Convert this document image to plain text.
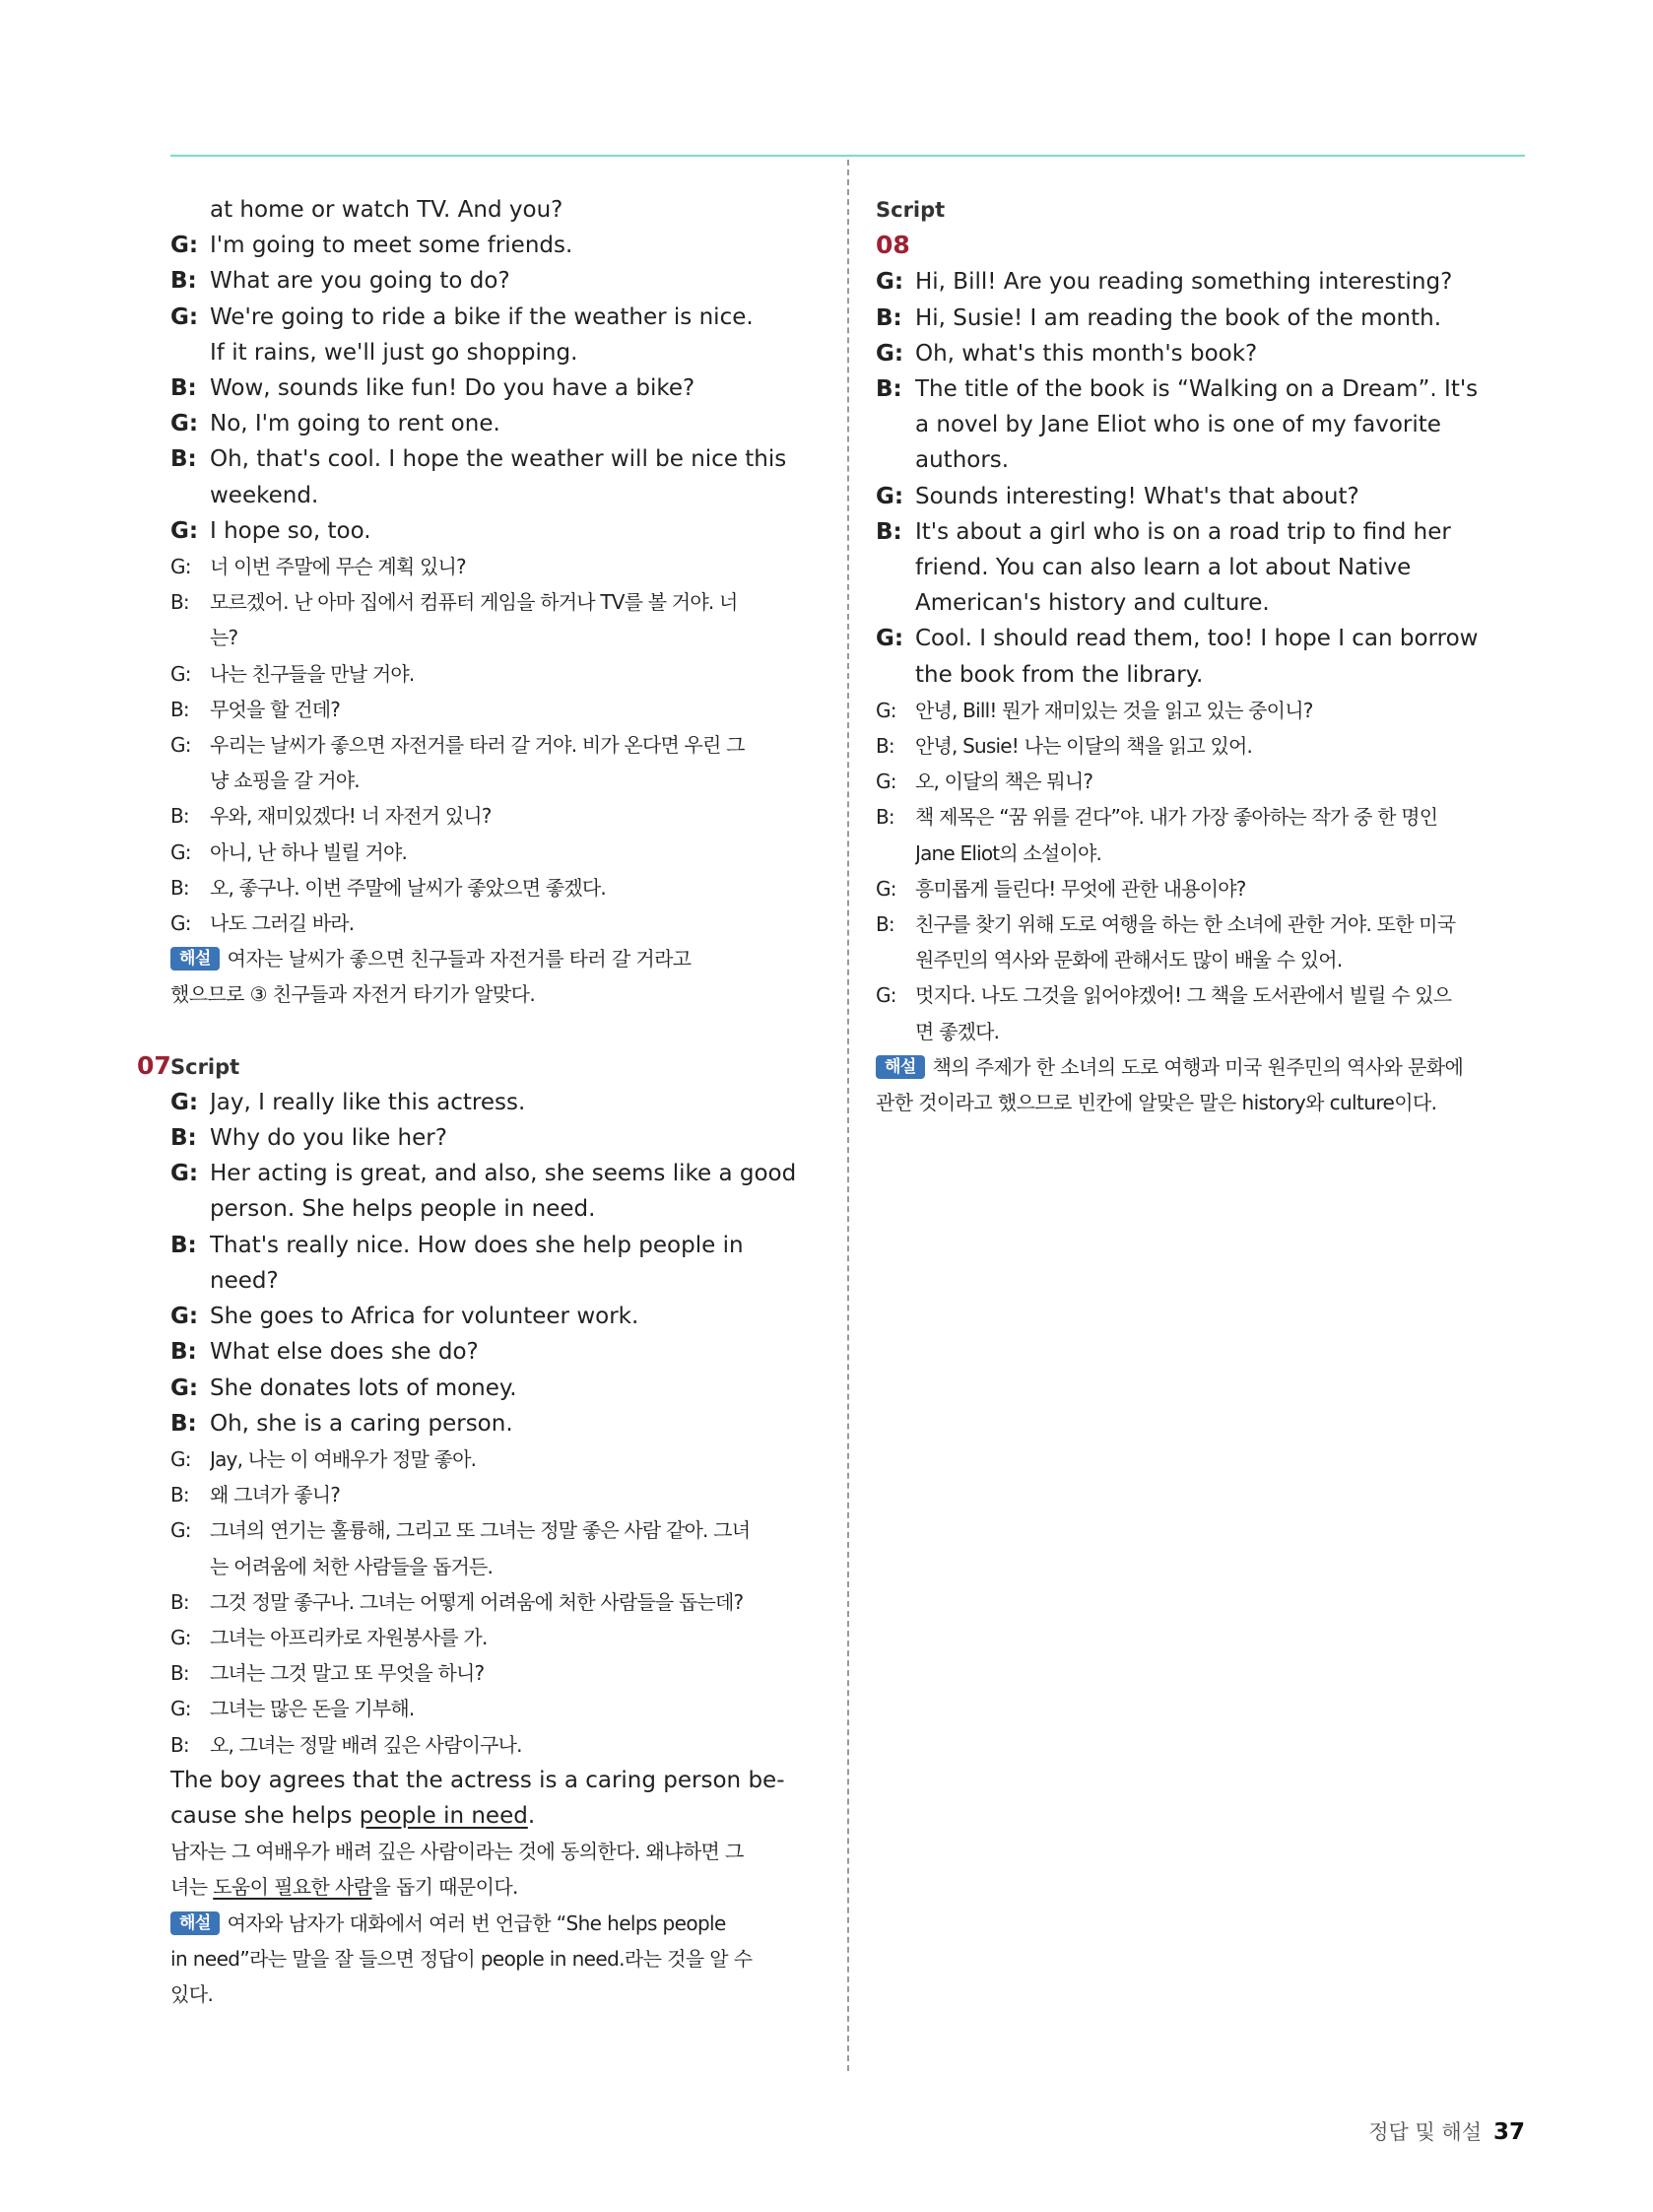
at home or watch TV. And you?
G: I'm going to meet some friends.
B: What are you going to do?
G: We're going to ride a bike if the weather is nice.
If it rains, we'll just go shopping.
B: Wow, sounds like fun! Do you have a bike?
G: No, I'm going to rent one.
B: Oh, that's cool. I hope the weather will be nice this
weekend.
G: I hope so, too.
G: 너 이번 주말에 무슨 계획 있니?
B:	모르겠어. 난 아마 집에서 컴퓨터 게임을 하거나 TV를 볼 거야. 너
는?
G: 나는 친구들을 만날 거야.
B:	무엇을 할 건데?
G: 우리는 날씨가 좋으면 자전거를 타러 갈 거야. 비가 온다면 우린 그
냥 쇼핑을 갈 거야.
B:	우와, 재미있겠다! 너 자전거 있니?
G: 아니, 난 하나 빌릴 거야.
B:	오, 좋구나. 이번 주말에 날씨가 좋았으면 좋겠다.
G: 나도 그러길 바라.
해설 여자는 날씨가 좋으면 친구들과 자전거를 타러 갈 거라고
했으므로 ③ 친구들과 자전거 타기가 알맞다.
07 Script
G: Jay, I really like this actress.
B: Why do you like her?
G: Her acting is great, and also, she seems like a good
person. She helps people in need.
B: That's really nice. How does she help people in
need?
G: She goes to Africa for volunteer work.
B: What else does she do?
G: She donates lots of money.
B: Oh, she is a caring person.
G: Jay, 나는 이 여배우가 정말 좋아.
B:	왜 그녀가 좋니?
G: 그녀의 연기는 훌륭해, 그리고 또 그녀는 정말 좋은 사람 같아. 그녀
는 어려움에 처한 사람들을 돕거든.
B:	그것 정말 좋구나. 그녀는 어떻게 어려움에 처한 사람들을 돕는데?
G: 그녀는 아프리카로 자원봉사를 가.
B:	그녀는 그것 말고 또 무엇을 하니?
G: 그녀는 많은 돈을 기부해.
B:	오, 그녀는 정말 배려 깊은 사람이구나.
The boy agrees that the actress is a caring person be-
cause she helps people in need.
남자는 그 여배우가 배려 깊은 사람이라는 것에 동의한다. 왜냐하면 그
녀는 도움이 필요한 사람을 돕기 때문이다.
해설 여자와 남자가 대화에서 여러 번 언급한 “She helps people
in need”라는 말을 잘 들으면 정답이 people in need.라는 것을 알 수
있다.
Script
08
G: Hi, Bill! Are you reading something interesting?
B: Hi, Susie! I am reading the book of the month.
G: Oh, what's this month's book?
B: The title of the book is “Walking on a Dream”. It's
a novel by Jane Eliot who is one of my favorite
authors.
G: Sounds interesting! What's that about?
B: It's about a girl who is on a road trip to find her
friend. You can also learn a lot about Native
American's history and culture.
G: Cool. I should read them, too! I hope I can borrow
the book from the library.
G: 안녕, Bill! 뭔가 재미있는 것을 읽고 있는 중이니?
B:	안녕, Susie! 나는 이달의 책을 읽고 있어.
G: 오, 이달의 책은 뭐니?
B:	책 제목은 “꿈 위를 걷다”야. 내가 가장 좋아하는 작가 중 한 명인
Jane Eliot의 소설이야.
G: 흥미롭게 들린다! 무엇에 관한 내용이야?
B:	친구를 찾기 위해 도로 여행을 하는 한 소녀에 관한 거야. 또한 미국
원주민의 역사와 문화에 관해서도 많이 배울 수 있어.
G: 멋지다. 나도 그것을 읽어야겠어! 그 책을 도서관에서 빌릴 수 있으
면 좋겠다.
해설 책의 주제가 한 소녀의 도로 여행과 미국 원주민의 역사와 문화에
관한 것이라고 했으므로 빈칸에 알맞은 말은 history와 culture이다.
정답 및 해설 37
